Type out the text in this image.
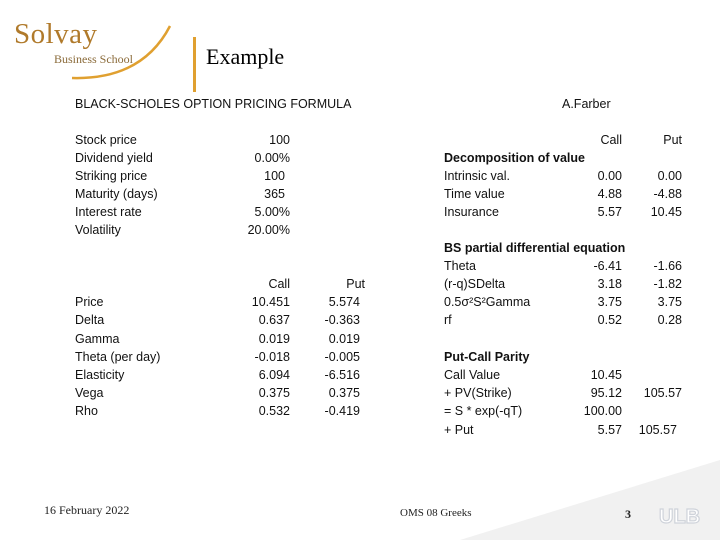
Solvay
Business School	Example
BLACK-SCHOLES OPTION PRICING FORMULA	A.Farber
Stock price	100
Dividend yield	0.00%
Striking price	100
Maturity (days)	365
Interest rate	5.00%
Volatility	20.00%
Call	Put
Price	10.451	5.574
Delta	0.637	-0.363
Gamma	0.019	0.019
Theta (per day)	-0.018	-0.005
Elasticity	6.094	-6.516
Vega	0.375	0.375
Rho	0.532	-0.419
Call	Put
Decomposition of value
Intrinsic val.	0.00	0.00
Time value	4.88	-4.88
Insurance	5.57	10.45
BS partial differential equation
Theta	-6.41	-1.66
(r-q)SDelta	3.18	-1.82
0.5σ²S²Gamma	3.75	3.75
rf	0.52	0.28
Put-Call Parity
Call Value	10.45
+ PV(Strike)	95.12	105.57
= S * exp(-qT)	100.00
+ Put	5.57	105.57
16 February 2022	OMS 08 Greeks	3 ULB
